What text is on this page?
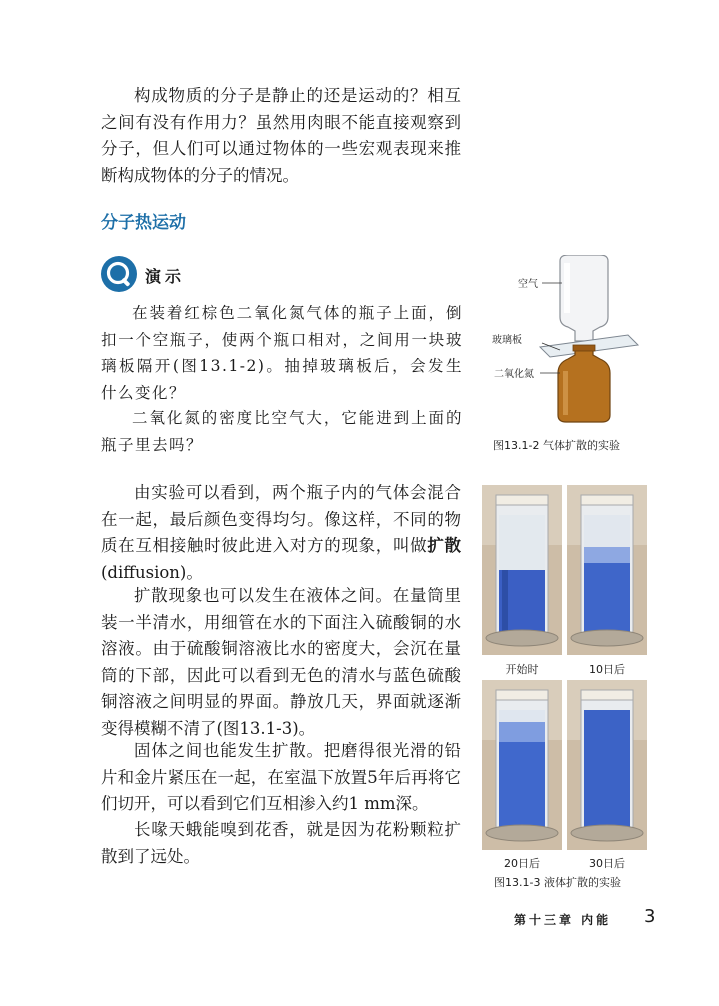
构成物质的分子是静止的还是运动的？相互之间有没有作用力？虽然用肉眼不能直接观察到分子，但人们可以通过物体的一些宏观表现来推断构成物体的分子的情况。

分子热运动
演示

在装着红棕色二氧化氮气体的瓶子上面，倒扣一个空瓶子，使两个瓶口相对，之间用一块玻璃板隔开(图13.1-2)。抽掉玻璃板后，会发生什么变化？

二氧化氮的密度比空气大，它能进到上面的瓶子里去吗？

空气
玻璃板
二氧化氮
图13.1-2 气体扩散的实验

由实验可以看到，两个瓶子内的气体会混合在一起，最后颜色变得均匀。像这样，不同的物质在互相接触时彼此进入对方的现象，叫做扩散(diffusion)。

扩散现象也可以发生在液体之间。在量筒里装一半清水，用细管在水的下面注入硫酸铜的水溶液。由于硫酸铜溶液比水的密度大，会沉在量筒的下部，因此可以看到无色的清水与蓝色硫酸铜溶液之间明显的界面。静放几天，界面就逐渐变得模糊不清了(图13.1-3)。

固体之间也能发生扩散。把磨得很光滑的铅片和金片紧压在一起，在室温下放置5年后再将它们切开，可以看到它们互相渗入约1 mm深。

长喙天蛾能嗅到花香，就是因为花粉颗粒扩散到了远处。

开始时	10日后
20日后	30日后
图13.1-3 液体扩散的实验
第十三章 内能 3
